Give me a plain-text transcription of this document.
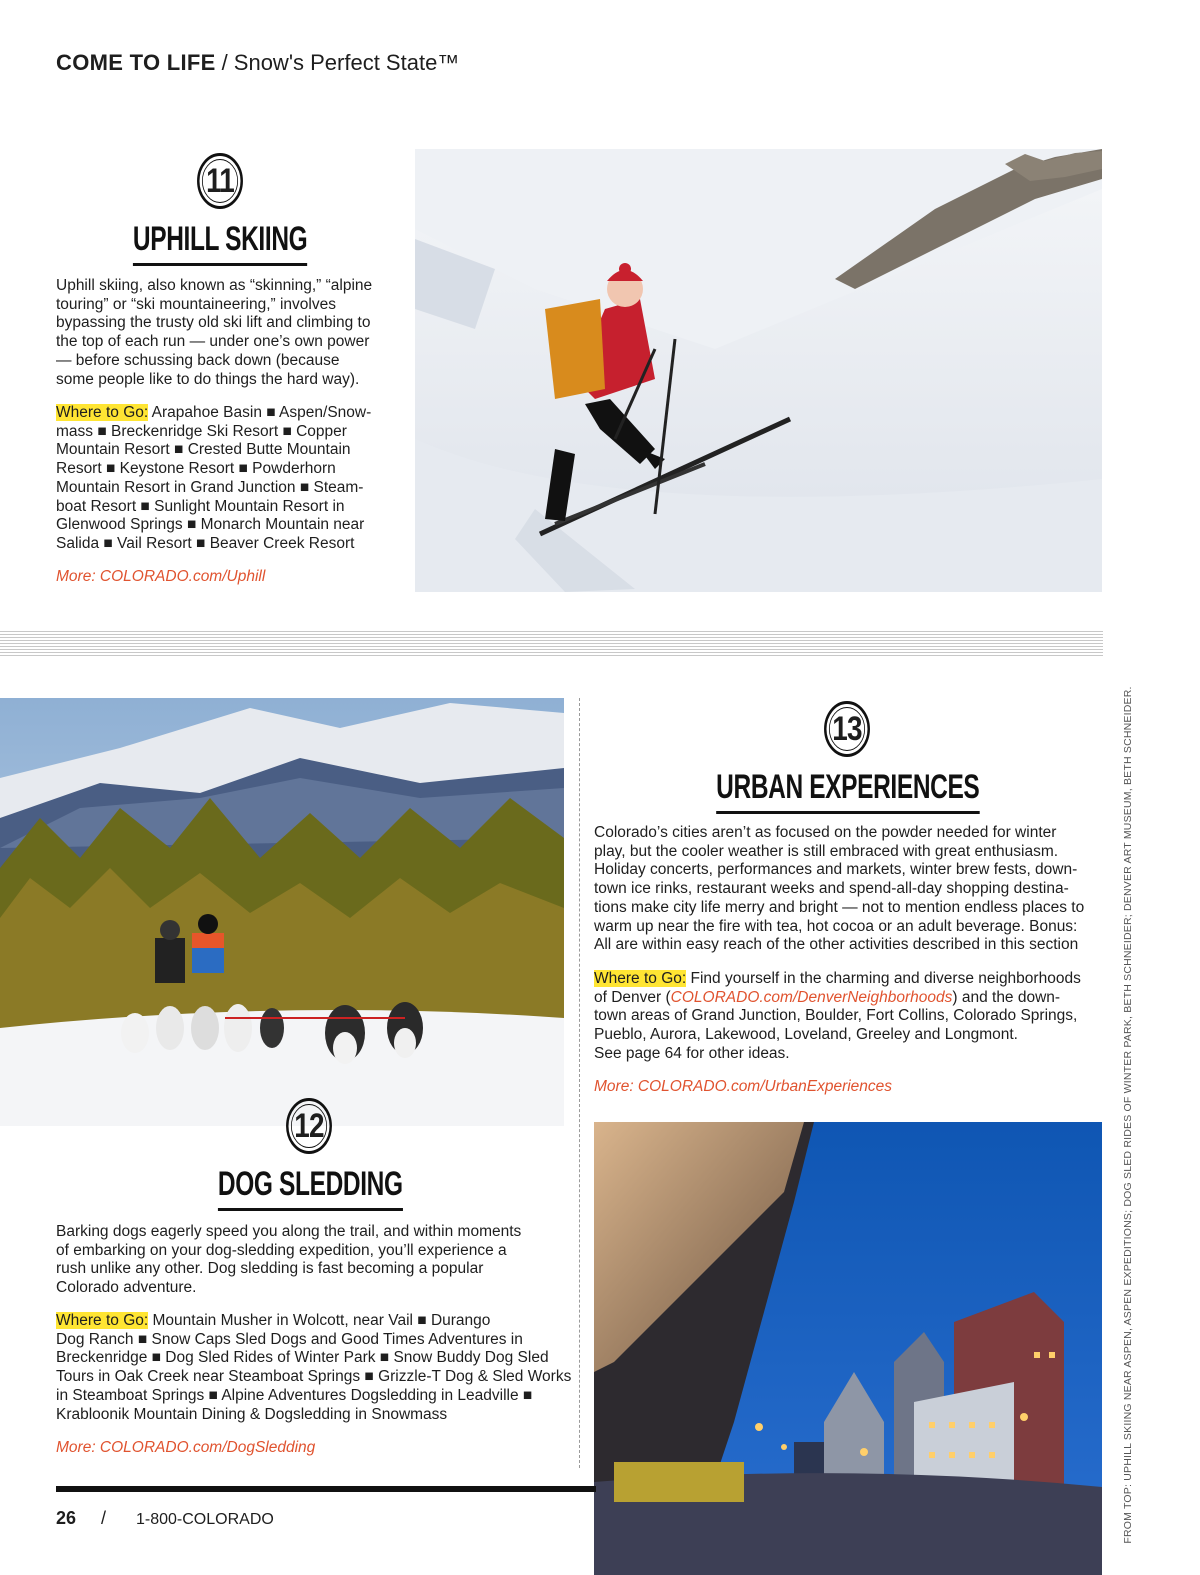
COME TO LIFE / Snow's Perfect State™
11
UPHILL SKIING

Uphill skiing, also known as “skinning,” “alpine

touring” or “ski mountaineering,” involves

bypassing the trusty old ski lift and climbing to

the top of each run — under one’s own power

— before schussing back down (because

some people like to do things the hard way).

Where to Go: Arapahoe Basin ■ Aspen/Snow-

mass ■ Breckenridge Ski Resort ■ Copper

Mountain Resort ■ Crested Butte Mountain

Resort ■ Keystone Resort ■ Powderhorn

Mountain Resort in Grand Junction ■ Steam-

boat Resort ■ Sunlight Mountain Resort in

Glenwood Springs ■ Monarch Mountain near

Salida ■ Vail Resort ■ Beaver Creek Resort

More: COLORADO.com/Uphill
12
DOG SLEDDING

Barking dogs eagerly speed you along the trail, and within moments

of embarking on your dog-sledding expedition, you’ll experience a

rush unlike any other. Dog sledding is fast becoming a popular

Colorado adventure.

Where to Go: Mountain Musher in Wolcott, near Vail ■ Durango

Dog Ranch ■ Snow Caps Sled Dogs and Good Times Adventures in

Breckenridge ■ Dog Sled Rides of Winter Park ■ Snow Buddy Dog Sled

Tours in Oak Creek near Steamboat Springs ■ Grizzle-T Dog & Sled Works

in Steamboat Springs ■ Alpine Adventures Dogsledding in Leadville ■

Krabloonik Mountain Dining & Dogsledding in Snowmass

More: COLORADO.com/DogSledding
13
URBAN EXPERIENCES

Colorado’s cities aren’t as focused on the powder needed for winter

play, but the cooler weather is still embraced with great enthusiasm.

Holiday concerts, performances and markets, winter brew fests, down-

town ice rinks, restaurant weeks and spend-all-day shopping destina-

tions make city life merry and bright — not to mention endless places to

warm up near the fire with tea, hot cocoa or an adult beverage. Bonus:

All are within easy reach of the other activities described in this section

Where to Go: Find yourself in the charming and diverse neighborhoods

of Denver (COLORADO.com/DenverNeighborhoods) and the down-

town areas of Grand Junction, Boulder, Fort Collins, Colorado Springs,

Pueblo, Aurora, Lakewood, Loveland, Greeley and Longmont.

See page 64 for other ideas.

More: COLORADO.com/UrbanExperiences
26 / 1-800-COLORADO	FROM TOP: UPHILL SKIING NEAR ASPEN, ASPEN EXPEDITIONS; DOG SLED RIDES OF WINTER PARK, BETH SCHNEIDER; DENVER ART MUSEUM, BETH SCHNEIDER.
